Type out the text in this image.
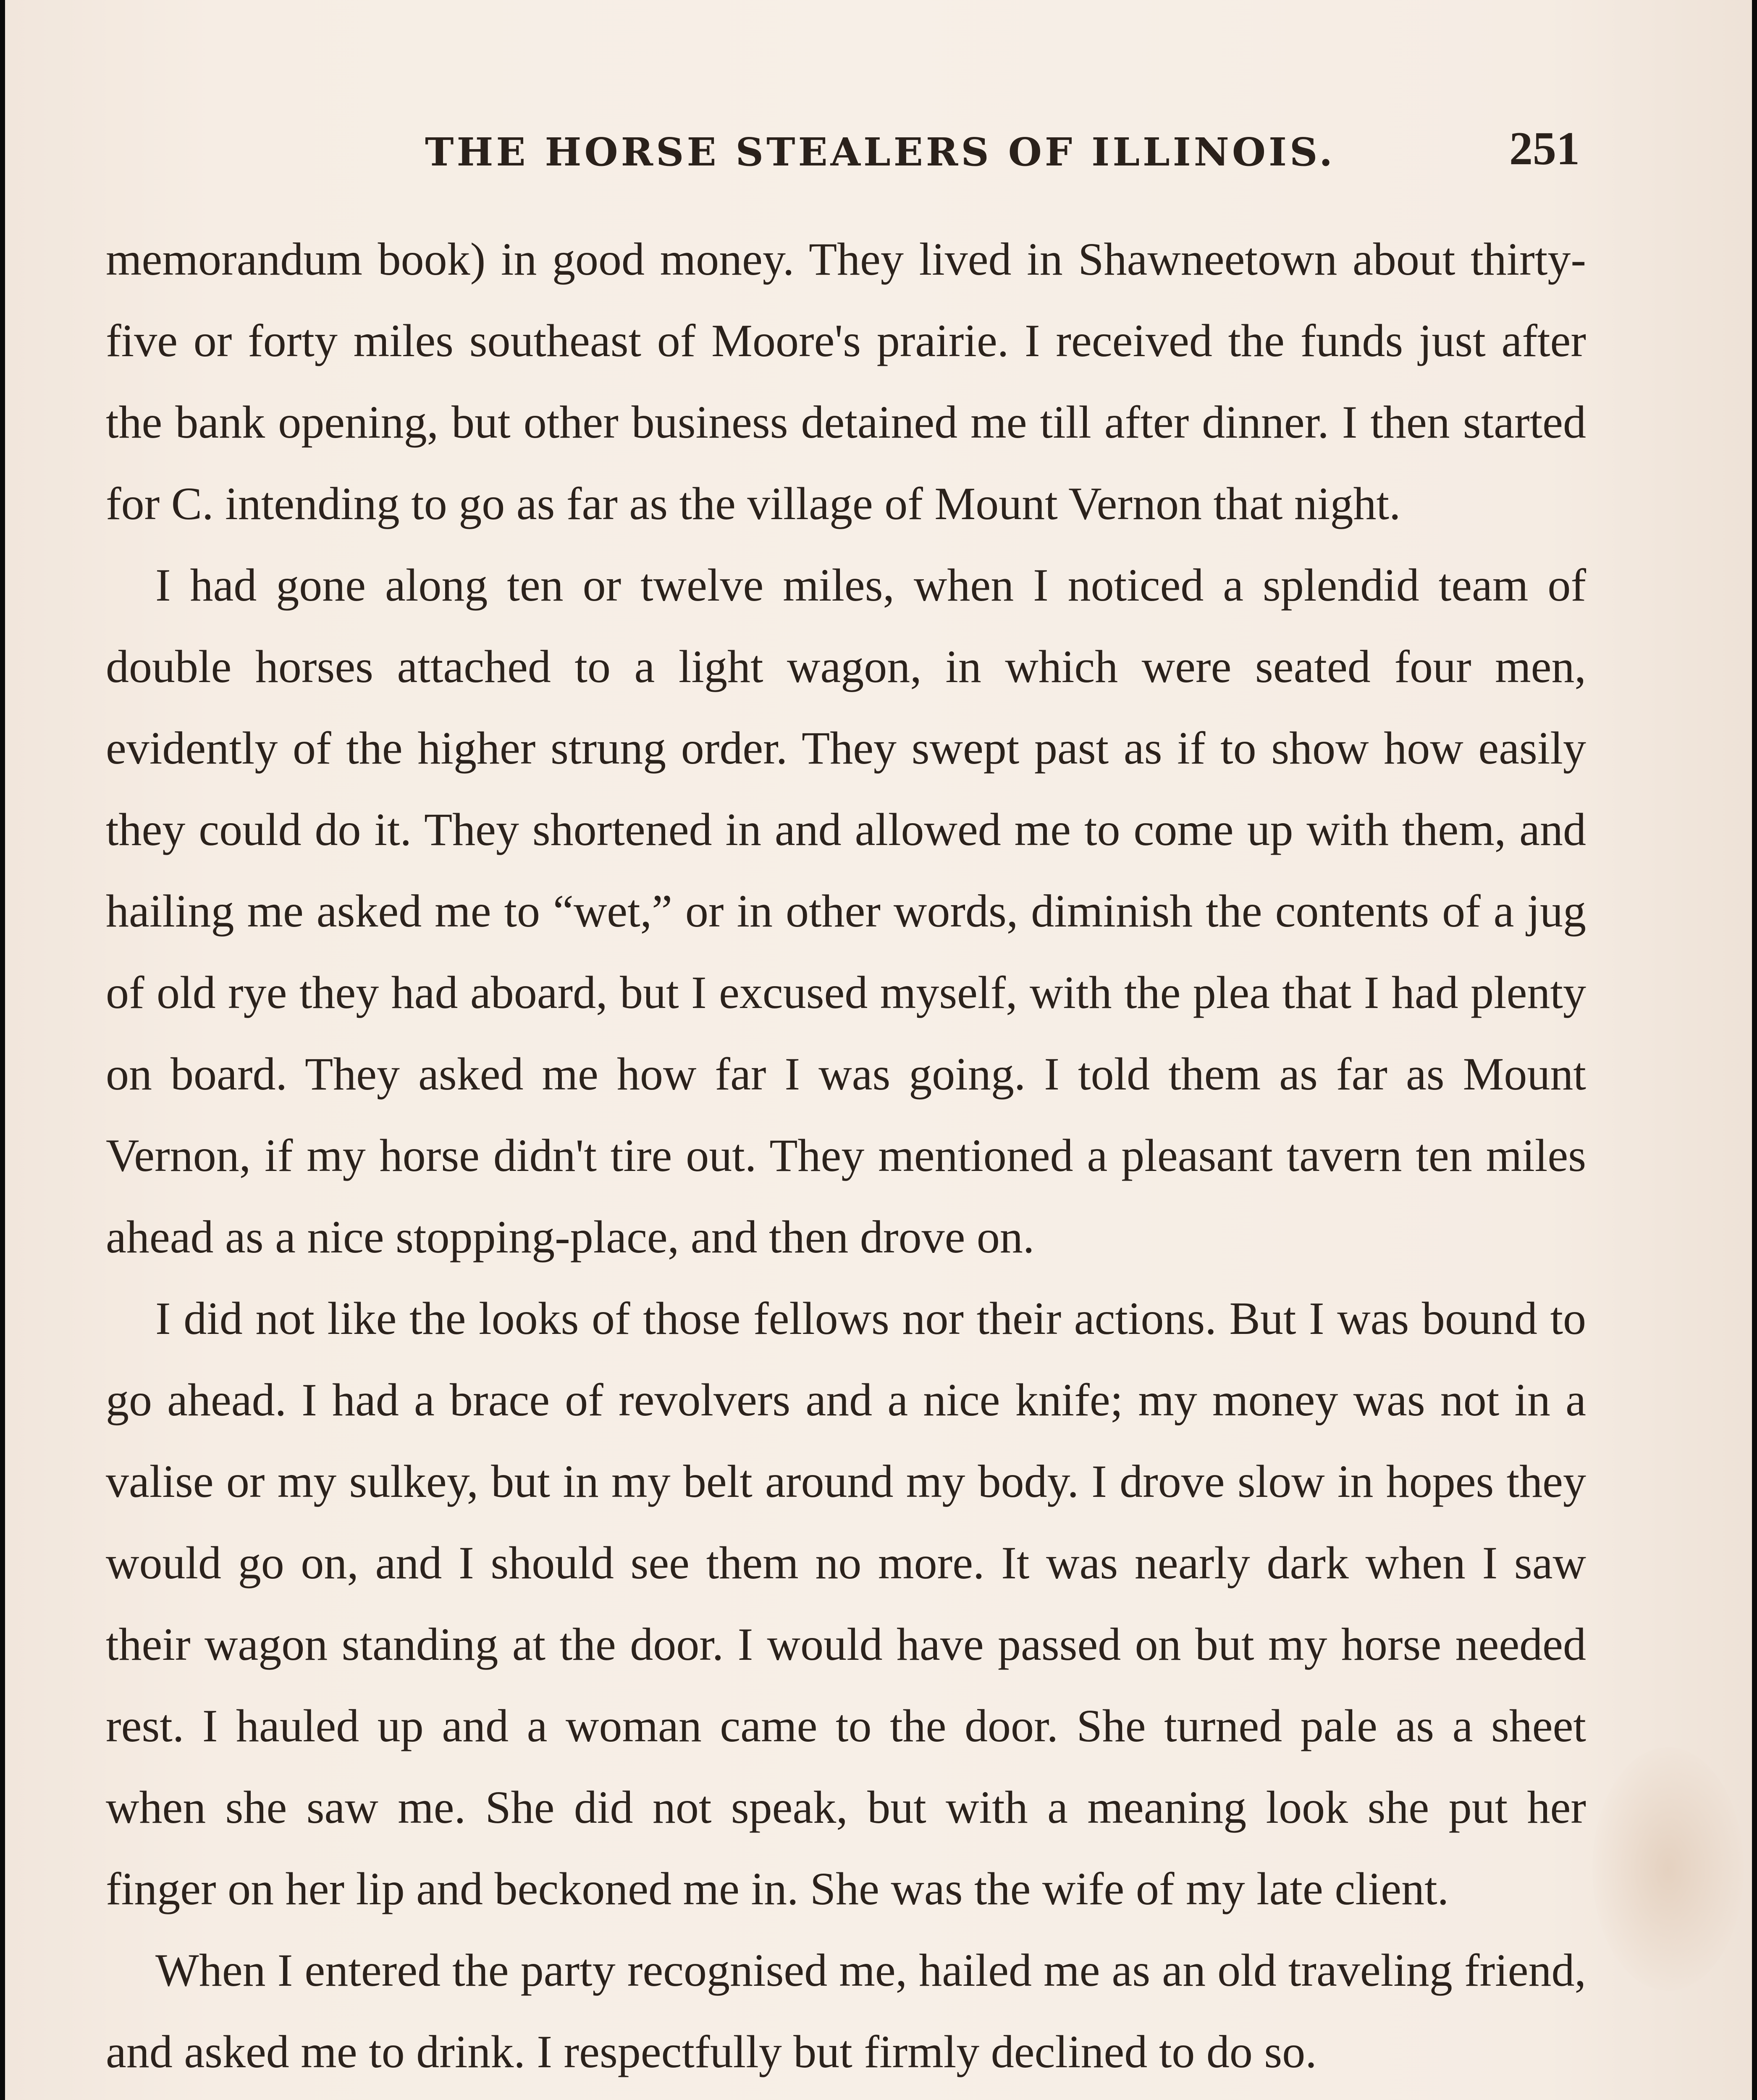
THE HORSE STEALERS OF ILLINOIS.	251

memorandum book) in good money. They lived in Shawneetown about thirty-five or forty miles southeast of Moore's prairie. I received the funds just after the bank opening, but other business detained me till after dinner. I then started for C. intending to go as far as the village of Mount Vernon that night.

I had gone along ten or twelve miles, when I noticed a splendid team of double horses attached to a light wagon, in which were seated four men, evidently of the higher strung order. They swept past as if to show how easily they could do it. They shortened in and allowed me to come up with them, and hailing me asked me to “wet,” or in other words, diminish the contents of a jug of old rye they had aboard, but I excused myself, with the plea that I had plenty on board. They asked me how far I was going. I told them as far as Mount Vernon, if my horse didn't tire out. They mentioned a pleasant tavern ten miles ahead as a nice stopping-place, and then drove on.

I did not like the looks of those fellows nor their actions. But I was bound to go ahead. I had a brace of revolvers and a nice knife; my money was not in a valise or my sulkey, but in my belt around my body. I drove slow in hopes they would go on, and I should see them no more. It was nearly dark when I saw their wagon standing at the door. I would have passed on but my horse needed rest. I hauled up and a woman came to the door. She turned pale as a sheet when she saw me. She did not speak, but with a meaning look she put her finger on her lip and beckoned me in. She was the wife of my late client.

When I entered the party recognised me, hailed me as an old traveling friend, and asked me to drink. I respectfully but firmly declined to do so.
